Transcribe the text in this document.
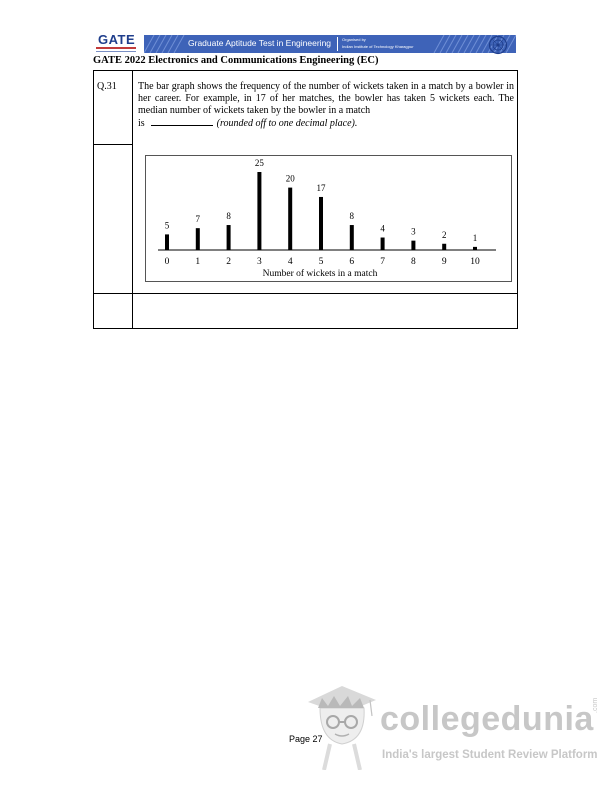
GATE	Graduate Aptitude Test in Engineering	Organised by
Indian Institute of Technology Kharagpur
GATE 2022 Electronics and Communications Engineering (EC)
Q.31 The bar graph shows the frequency of the number of wickets taken in a match by a bowler in her career. For example, in 17 of her matches, the bowler has taken 5 wickets each. The median number of wickets taken by the bowler in a match
is	(rounded off to one decimal place).
5
0
7
1
8
2
25
3
20
4
17
5
8
6
4
7
3
8
2
9
1
10
Number of wickets in a match
Page 27
collegedunia
.com
India's largest Student Review Platform
